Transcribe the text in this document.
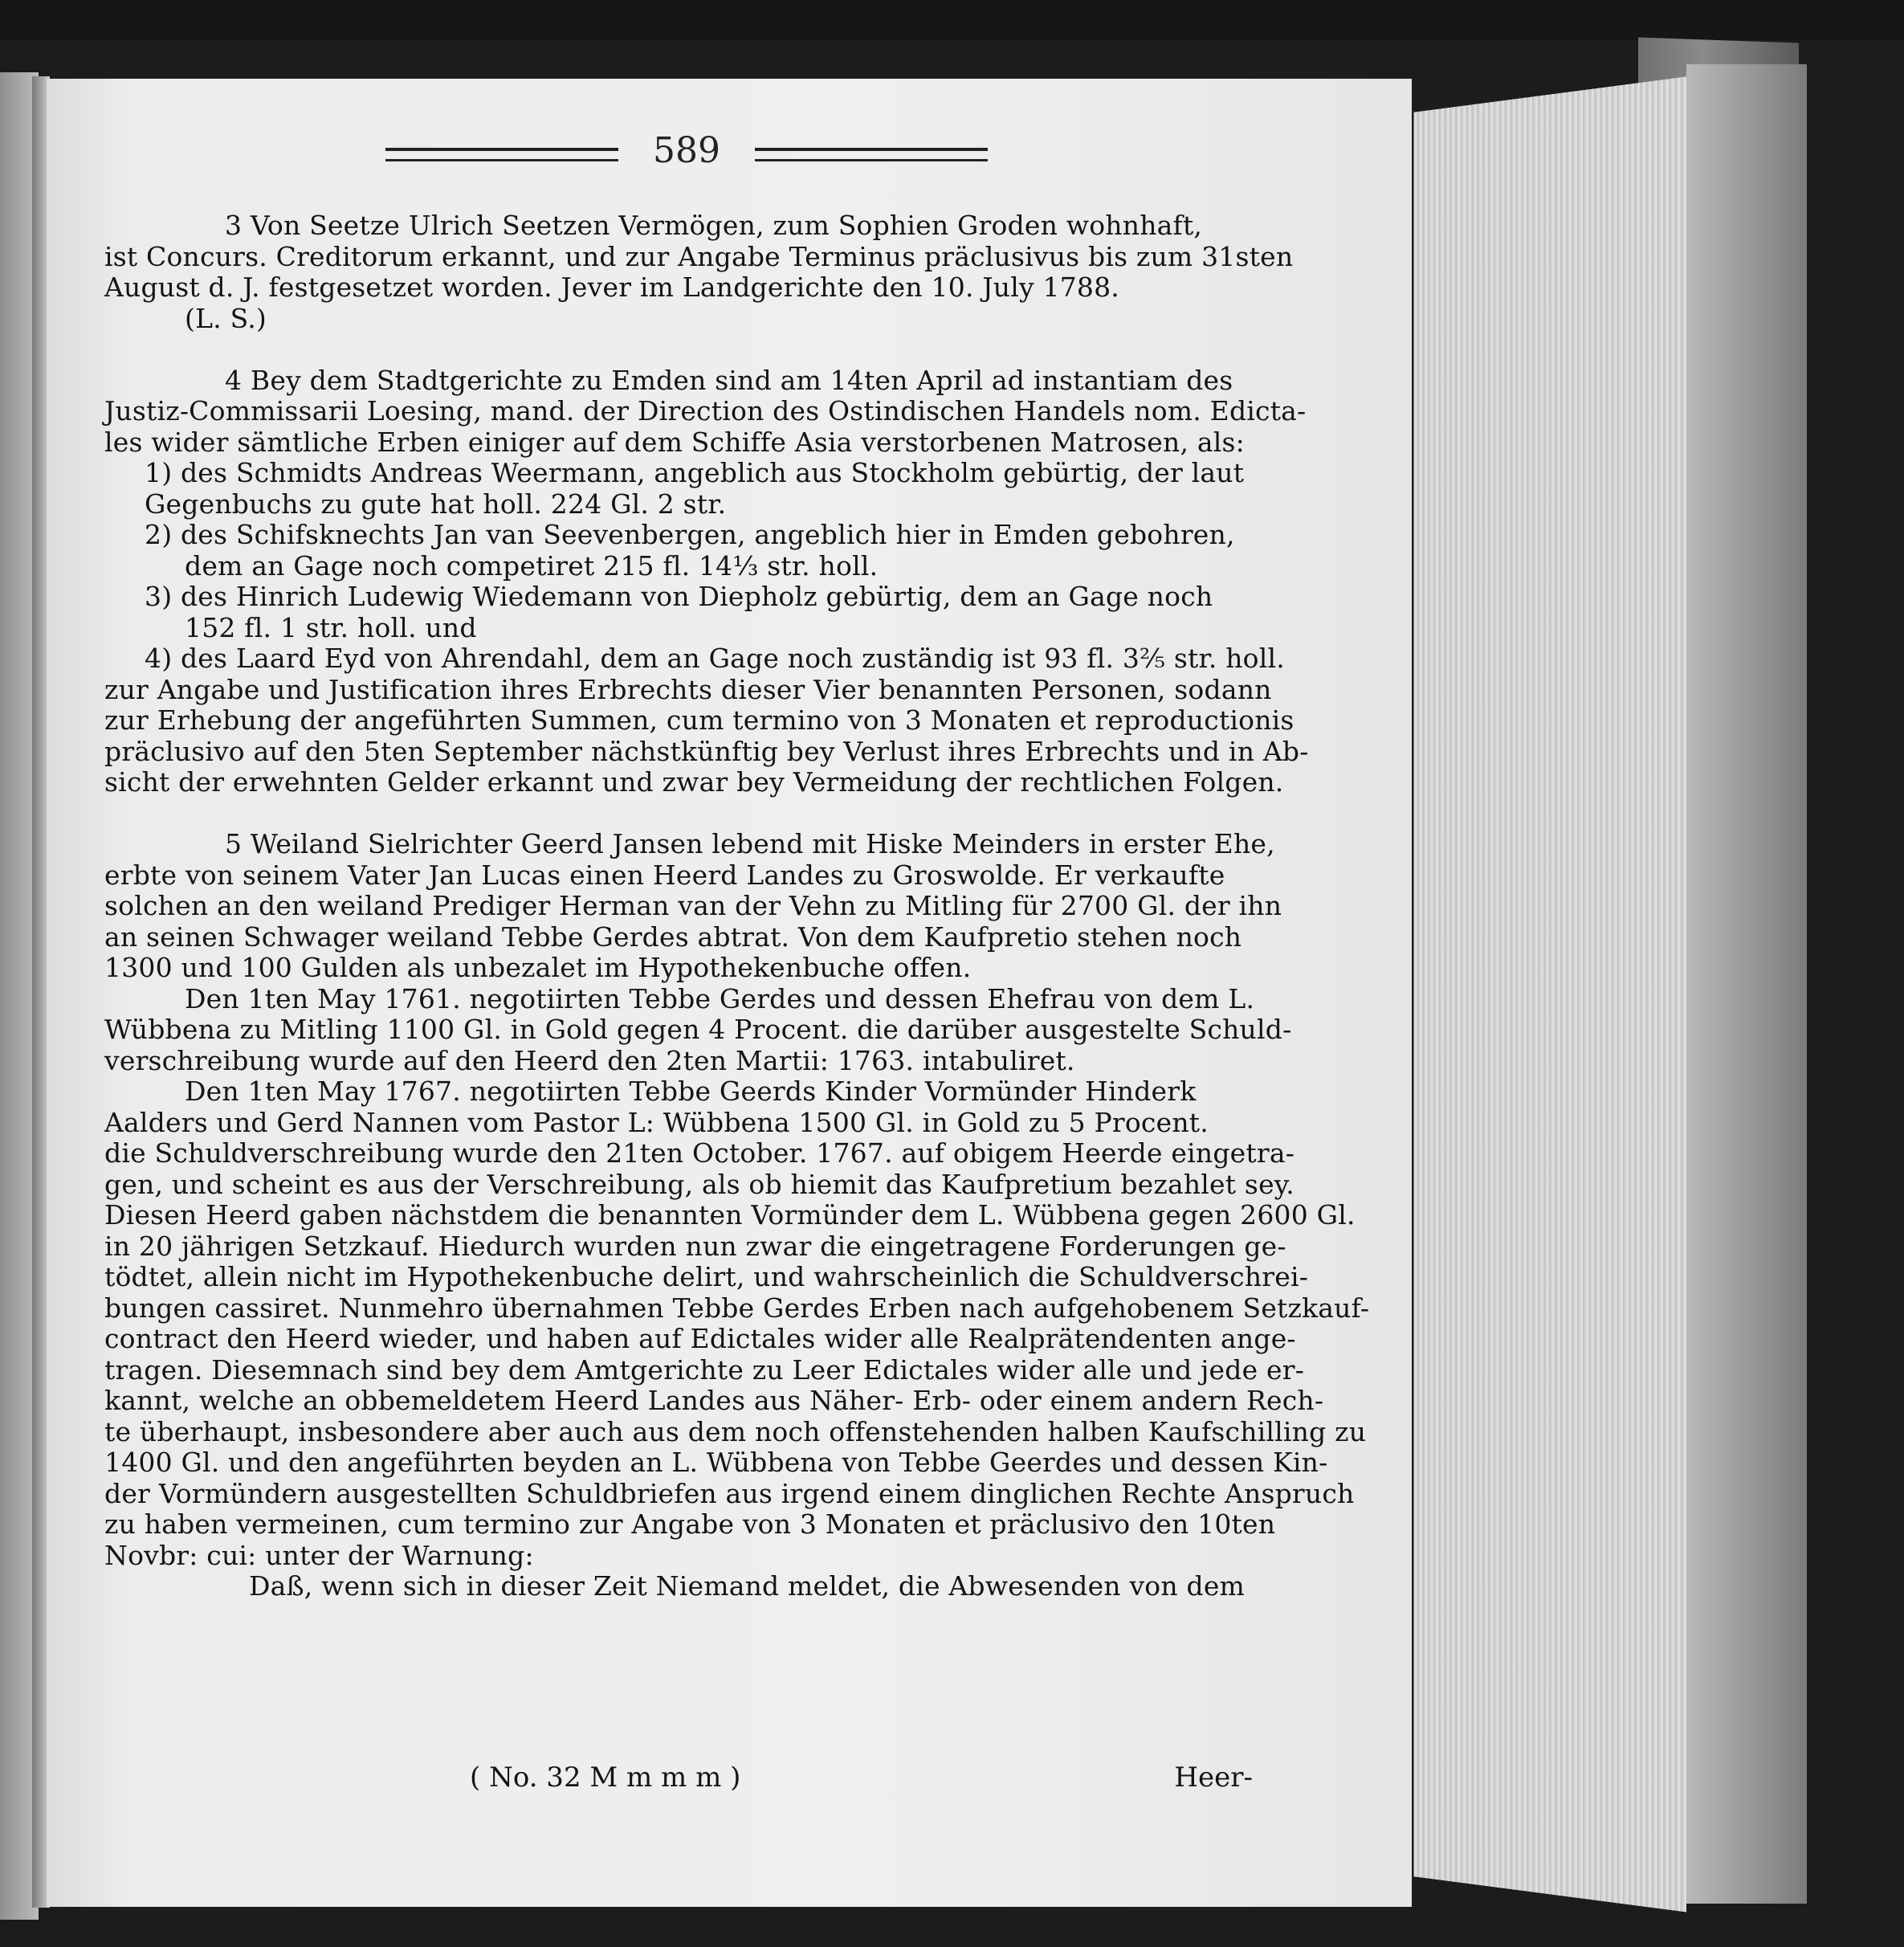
589
3 Von Seetze Ulrich Seetzen Vermögen, zum Sophien Groden wohnhaft,
ist Concurs. Creditorum erkannt, und zur Angabe Terminus präclusivus bis zum 31sten
August d. J. festgesetzet worden. Jever im Landgerichte den 10. July 1788.
(L. S.)
4 Bey dem Stadtgerichte zu Emden sind am 14ten April ad instantiam des
Justiz-Commissarii Loesing, mand. der Direction des Ostindischen Handels nom. Edicta-
les wider sämtliche Erben einiger auf dem Schiffe Asia verstorbenen Matrosen, als:
1) des Schmidts Andreas Weermann, angeblich aus Stockholm gebürtig, der laut
Gegenbuchs zu gute hat holl. 224 Gl. 2 str.
2) des Schifsknechts Jan van Seevenbergen, angeblich hier in Emden gebohren,
dem an Gage noch competiret 215 fl. 14⅓ str. holl.
3) des Hinrich Ludewig Wiedemann von Diepholz gebürtig, dem an Gage noch
152 fl. 1 str. holl. und
4) des Laard Eyd von Ahrendahl, dem an Gage noch zuständig ist 93 fl. 3⅖ str. holl.
zur Angabe und Justification ihres Erbrechts dieser Vier benannten Personen, sodann
zur Erhebung der angeführten Summen, cum termino von 3 Monaten et reproductionis
präclusivo auf den 5ten September nächstkünftig bey Verlust ihres Erbrechts und in Ab-
sicht der erwehnten Gelder erkannt und zwar bey Vermeidung der rechtlichen Folgen.
5 Weiland Sielrichter Geerd Jansen lebend mit Hiske Meinders in erster Ehe,
erbte von seinem Vater Jan Lucas einen Heerd Landes zu Groswolde. Er verkaufte
solchen an den weiland Prediger Herman van der Vehn zu Mitling für 2700 Gl. der ihn
an seinen Schwager weiland Tebbe Gerdes abtrat. Von dem Kaufpretio stehen noch
1300 und 100 Gulden als unbezalet im Hypothekenbuche offen.
Den 1ten May 1761. negotiirten Tebbe Gerdes und dessen Ehefrau von dem L.
Wübbena zu Mitling 1100 Gl. in Gold gegen 4 Procent. die darüber ausgestelte Schuld-
verschreibung wurde auf den Heerd den 2ten Martii: 1763. intabuliret.
Den 1ten May 1767. negotiirten Tebbe Geerds Kinder Vormünder Hinderk
Aalders und Gerd Nannen vom Pastor L: Wübbena 1500 Gl. in Gold zu 5 Procent.
die Schuldverschreibung wurde den 21ten October. 1767. auf obigem Heerde eingetra-
gen, und scheint es aus der Verschreibung, als ob hiemit das Kaufpretium bezahlet sey.
Diesen Heerd gaben nächstdem die benannten Vormünder dem L. Wübbena gegen 2600 Gl.
in 20 jährigen Setzkauf. Hiedurch wurden nun zwar die eingetragene Forderungen ge-
tödtet, allein nicht im Hypothekenbuche delirt, und wahrscheinlich die Schuldverschrei-
bungen cassiret. Nunmehro übernahmen Tebbe Gerdes Erben nach aufgehobenem Setzkauf-
contract den Heerd wieder, und haben auf Edictales wider alle Realprätendenten ange-
tragen. Diesemnach sind bey dem Amtgerichte zu Leer Edictales wider alle und jede er-
kannt, welche an obbemeldetem Heerd Landes aus Näher- Erb- oder einem andern Rech-
te überhaupt, insbesondere aber auch aus dem noch offenstehenden halben Kaufschilling zu
1400 Gl. und den angeführten beyden an L. Wübbena von Tebbe Geerdes und dessen Kin-
der Vormündern ausgestellten Schuldbriefen aus irgend einem dinglichen Rechte Anspruch
zu haben vermeinen, cum termino zur Angabe von 3 Monaten et präclusivo den 10ten
Novbr: cui: unter der Warnung:
Daß, wenn sich in dieser Zeit Niemand meldet, die Abwesenden von dem
( No. 32 M m m m )	Heer-
